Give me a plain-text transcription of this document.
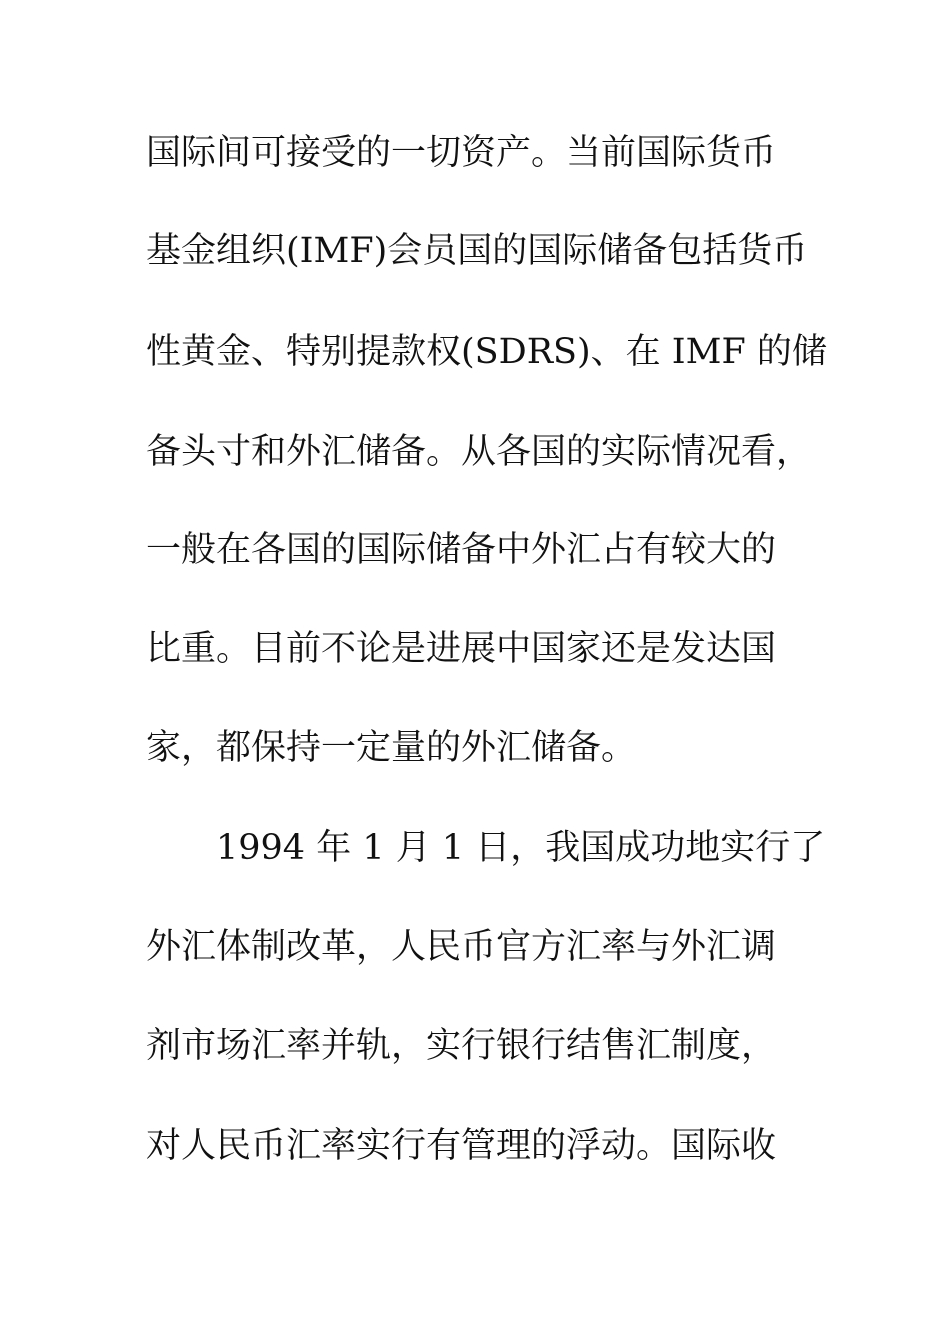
国际间可接受的一切资产。当前国际货币
基金组织(IMF)会员国的国际储备包括货币
性黄金、特别提款权(SDRS)、在 IMF 的储
备头寸和外汇储备。从各国的实际情况看，
一般在各国的国际储备中外汇占有较大的
比重。目前不论是进展中国家还是发达国
家，都保持一定量的外汇储备。
1994 年 1 月 1 日，我国成功地实行了
外汇体制改革，人民币官方汇率与外汇调
剂市场汇率并轨，实行银行结售汇制度，
对人民币汇率实行有管理的浮动。国际收
